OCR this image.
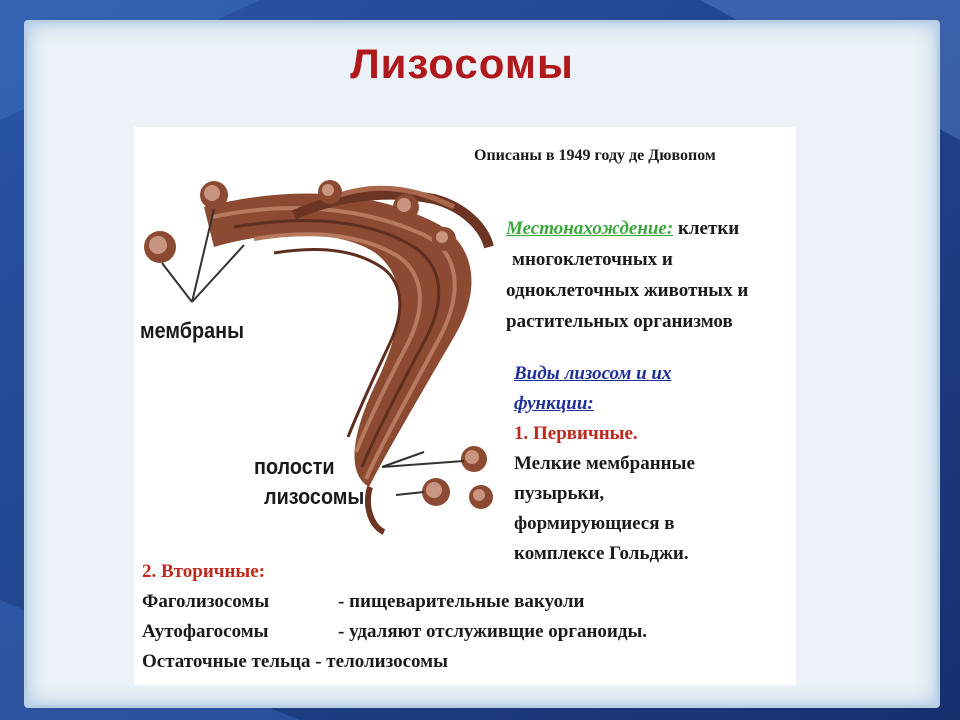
Лизосомы
мембраны
полости
лизосомы
Описаны в 1949 году де Дювопом
Местонахождение: клетки
многоклеточных и
одноклеточных животных и
растительных организмов
Виды лизосом и их
функции:
1. Первичные.
Мелкие мембранные
пузырьки,
формирующиеся в
комплексе Гольджи.
2. Вторичные:
Фаголизосомы	- пищеварительные вакуоли
Аутофагосомы	- удаляют отслуживщие органоиды.
Остаточные тельца - телолизосомы
